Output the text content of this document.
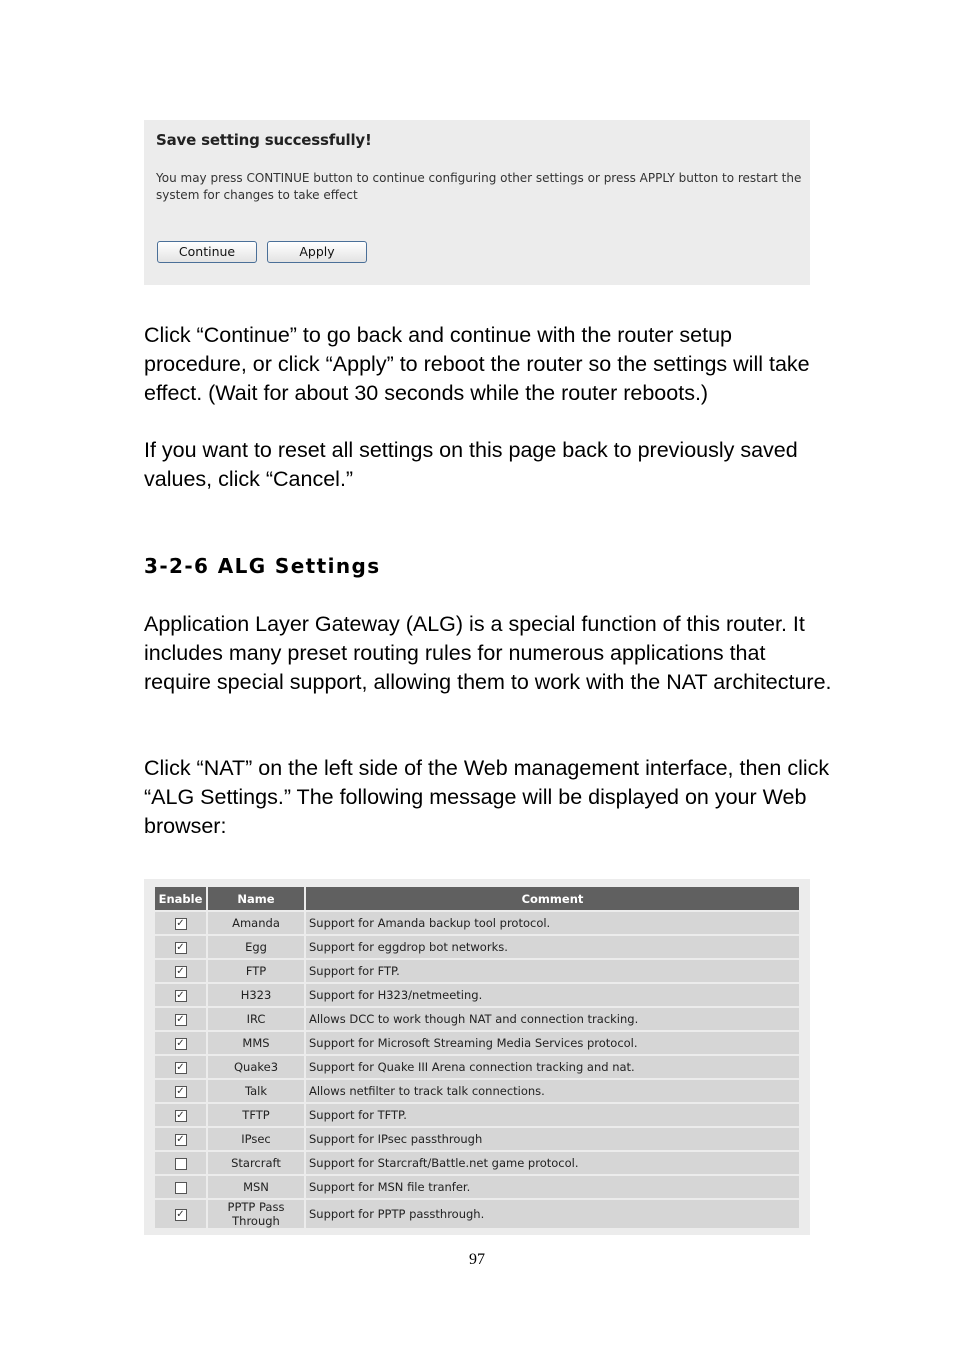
Save setting successfully!
You may press CONTINUE button to continue configuring other settings or press APPLY button to restart the system for changes to take effect
Continue	Apply
Click “Continue” to go back and continue with the router setup procedure, or click “Apply” to reboot the router so the settings will take effect. (Wait for about 30 seconds while the router reboots.)
If you want to reset all settings on this page back to previously saved values, click “Cancel.”
3-2-6 ALG Settings
Application Layer Gateway (ALG) is a special function of this router. It includes many preset routing rules for numerous applications that require special support, allowing them to work with the NAT architecture.
Click “NAT” on the left side of the Web management interface, then click “ALG Settings.” The following message will be displayed on your Web browser:
Enable	Name	Comment
✓	Amanda	Support for Amanda backup tool protocol.
✓	Egg	Support for eggdrop bot networks.
✓	FTP	Support for FTP.
✓	H323	Support for H323/netmeeting.
✓	IRC	Allows DCC to work though NAT and connection tracking.
✓	MMS	Support for Microsoft Streaming Media Services protocol.
✓	Quake3	Support for Quake III Arena connection tracking and nat.
✓	Talk	Allows netfilter to track talk connections.
✓	TFTP	Support for TFTP.
✓	IPsec	Support for IPsec passthrough
	Starcraft	Support for Starcraft/Battle.net game protocol.
	MSN	Support for MSN file tranfer.
✓	PPTP Pass Through	Support for PPTP passthrough.
97
